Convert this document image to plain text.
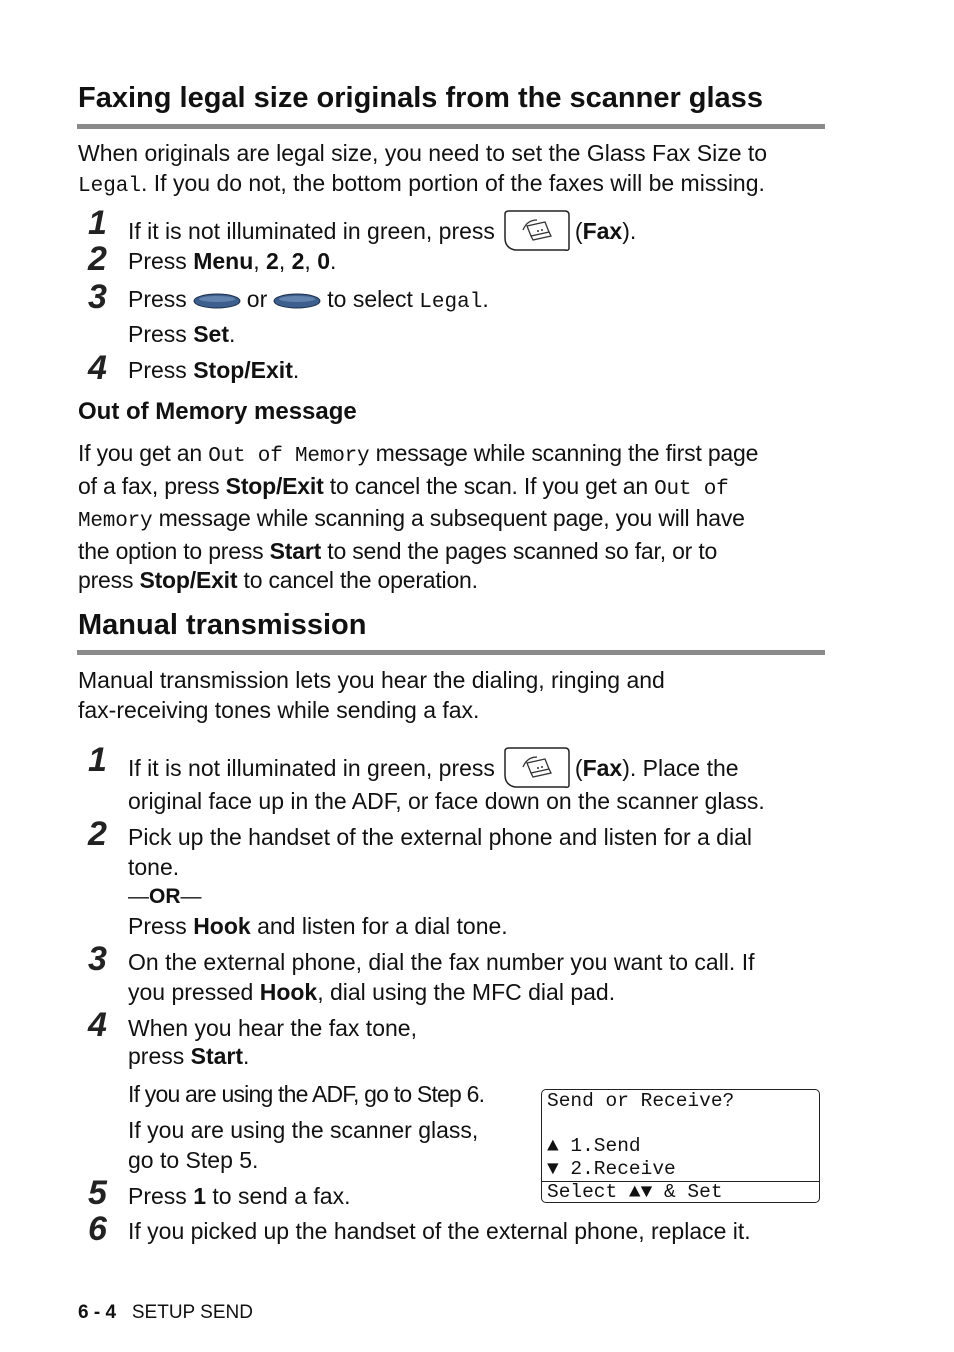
Faxing legal size originals from the scanner glass
When originals are legal size, you need to set the Glass Fax Size to
Legal. If you do not, the bottom portion of the faxes will be missing.
1 If it is not illuminated in green, press	(Fax).
2 Press Menu, 2, 2, 0.
3 Press	or	to select Legal.
Press Set.
4 Press Stop/Exit.
Out of Memory message
If you get an Out of Memory message while scanning the first page
of a fax, press Stop/Exit to cancel the scan. If you get an Out of
Memory message while scanning a subsequent page, you will have
the option to press Start to send the pages scanned so far, or to
press Stop/Exit to cancel the operation.
Manual transmission
Manual transmission lets you hear the dialing, ringing and
fax-receiving tones while sending a fax.
1 If it is not illuminated in green, press	(Fax). Place the
original face up in the ADF, or face down on the scanner glass.
2 Pick up the handset of the external phone and listen for a dial
tone.
—OR—
Press Hook and listen for a dial tone.
3 On the external phone, dial the fax number you want to call. If
you pressed Hook, dial using the MFC dial pad.
4 When you hear the fax tone,
press Start.
If you are using the ADF, go to Step 6.
If you are using the scanner glass,
go to Step 5.
5 Press 1 to send a fax.
6 If you picked up the handset of the external phone, replace it.
Send or Receive?
▲ 1.Send
▼ 2.Receive
Select ▲▼ & Set
6 - 4 SETUP SEND
